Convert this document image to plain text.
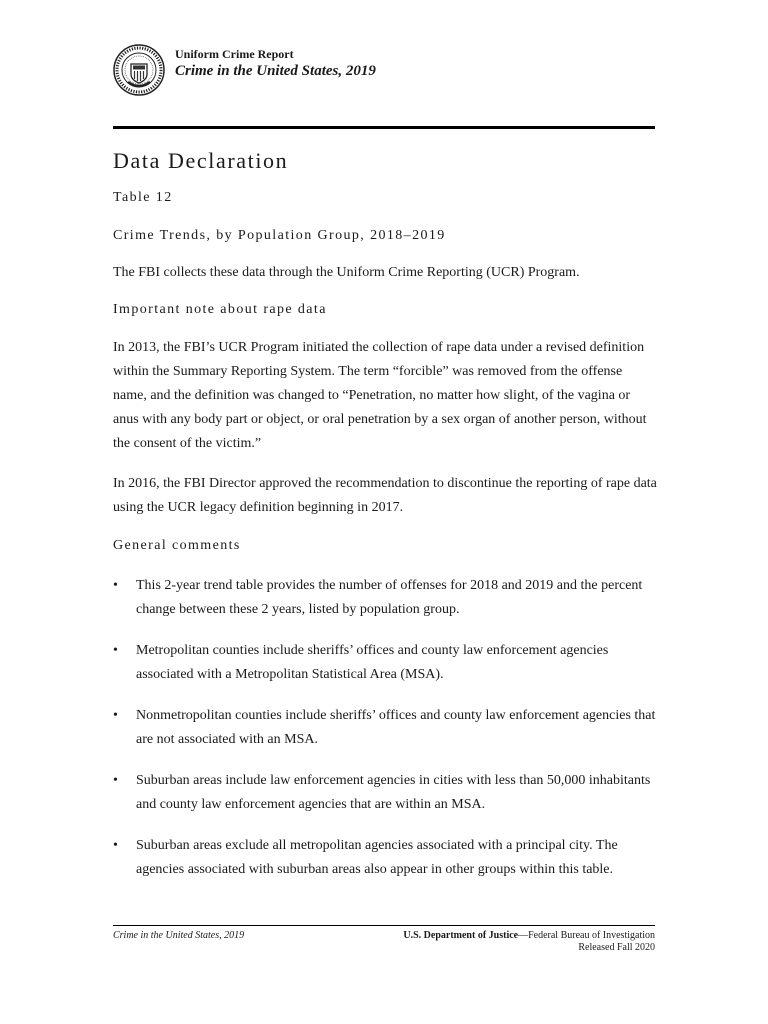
Uniform Crime Report
Crime in the United States, 2019
Data Declaration

Table 12

Crime Trends, by Population Group, 2018–2019

The FBI collects these data through the Uniform Crime Reporting (UCR) Program.

Important note about rape data

In 2013, the FBI’s UCR Program initiated the collection of rape data under a revised definition within the Summary Reporting System. The term “forcible” was removed from the offense name, and the definition was changed to “Penetration, no matter how slight, of the vagina or anus with any body part or object, or oral penetration by a sex organ of another person, without the consent of the victim.”

In 2016, the FBI Director approved the recommendation to discontinue the reporting of rape data using the UCR legacy definition beginning in 2017.

General comments

• This 2-year trend table provides the number of offenses for 2018 and 2019 and the percent change between these 2 years, listed by population group.
• Metropolitan counties include sheriffs’ offices and county law enforcement agencies associated with a Metropolitan Statistical Area (MSA).
• Nonmetropolitan counties include sheriffs’ offices and county law enforcement agencies that are not associated with an MSA.
• Suburban areas include law enforcement agencies in cities with less than 50,000 inhabitants and county law enforcement agencies that are within an MSA.
• Suburban areas exclude all metropolitan agencies associated with a principal city. The agencies associated with suburban areas also appear in other groups within this table.
Crime in the United States, 2019	U.S. Department of Justice—Federal Bureau of Investigation
Released Fall 2020
